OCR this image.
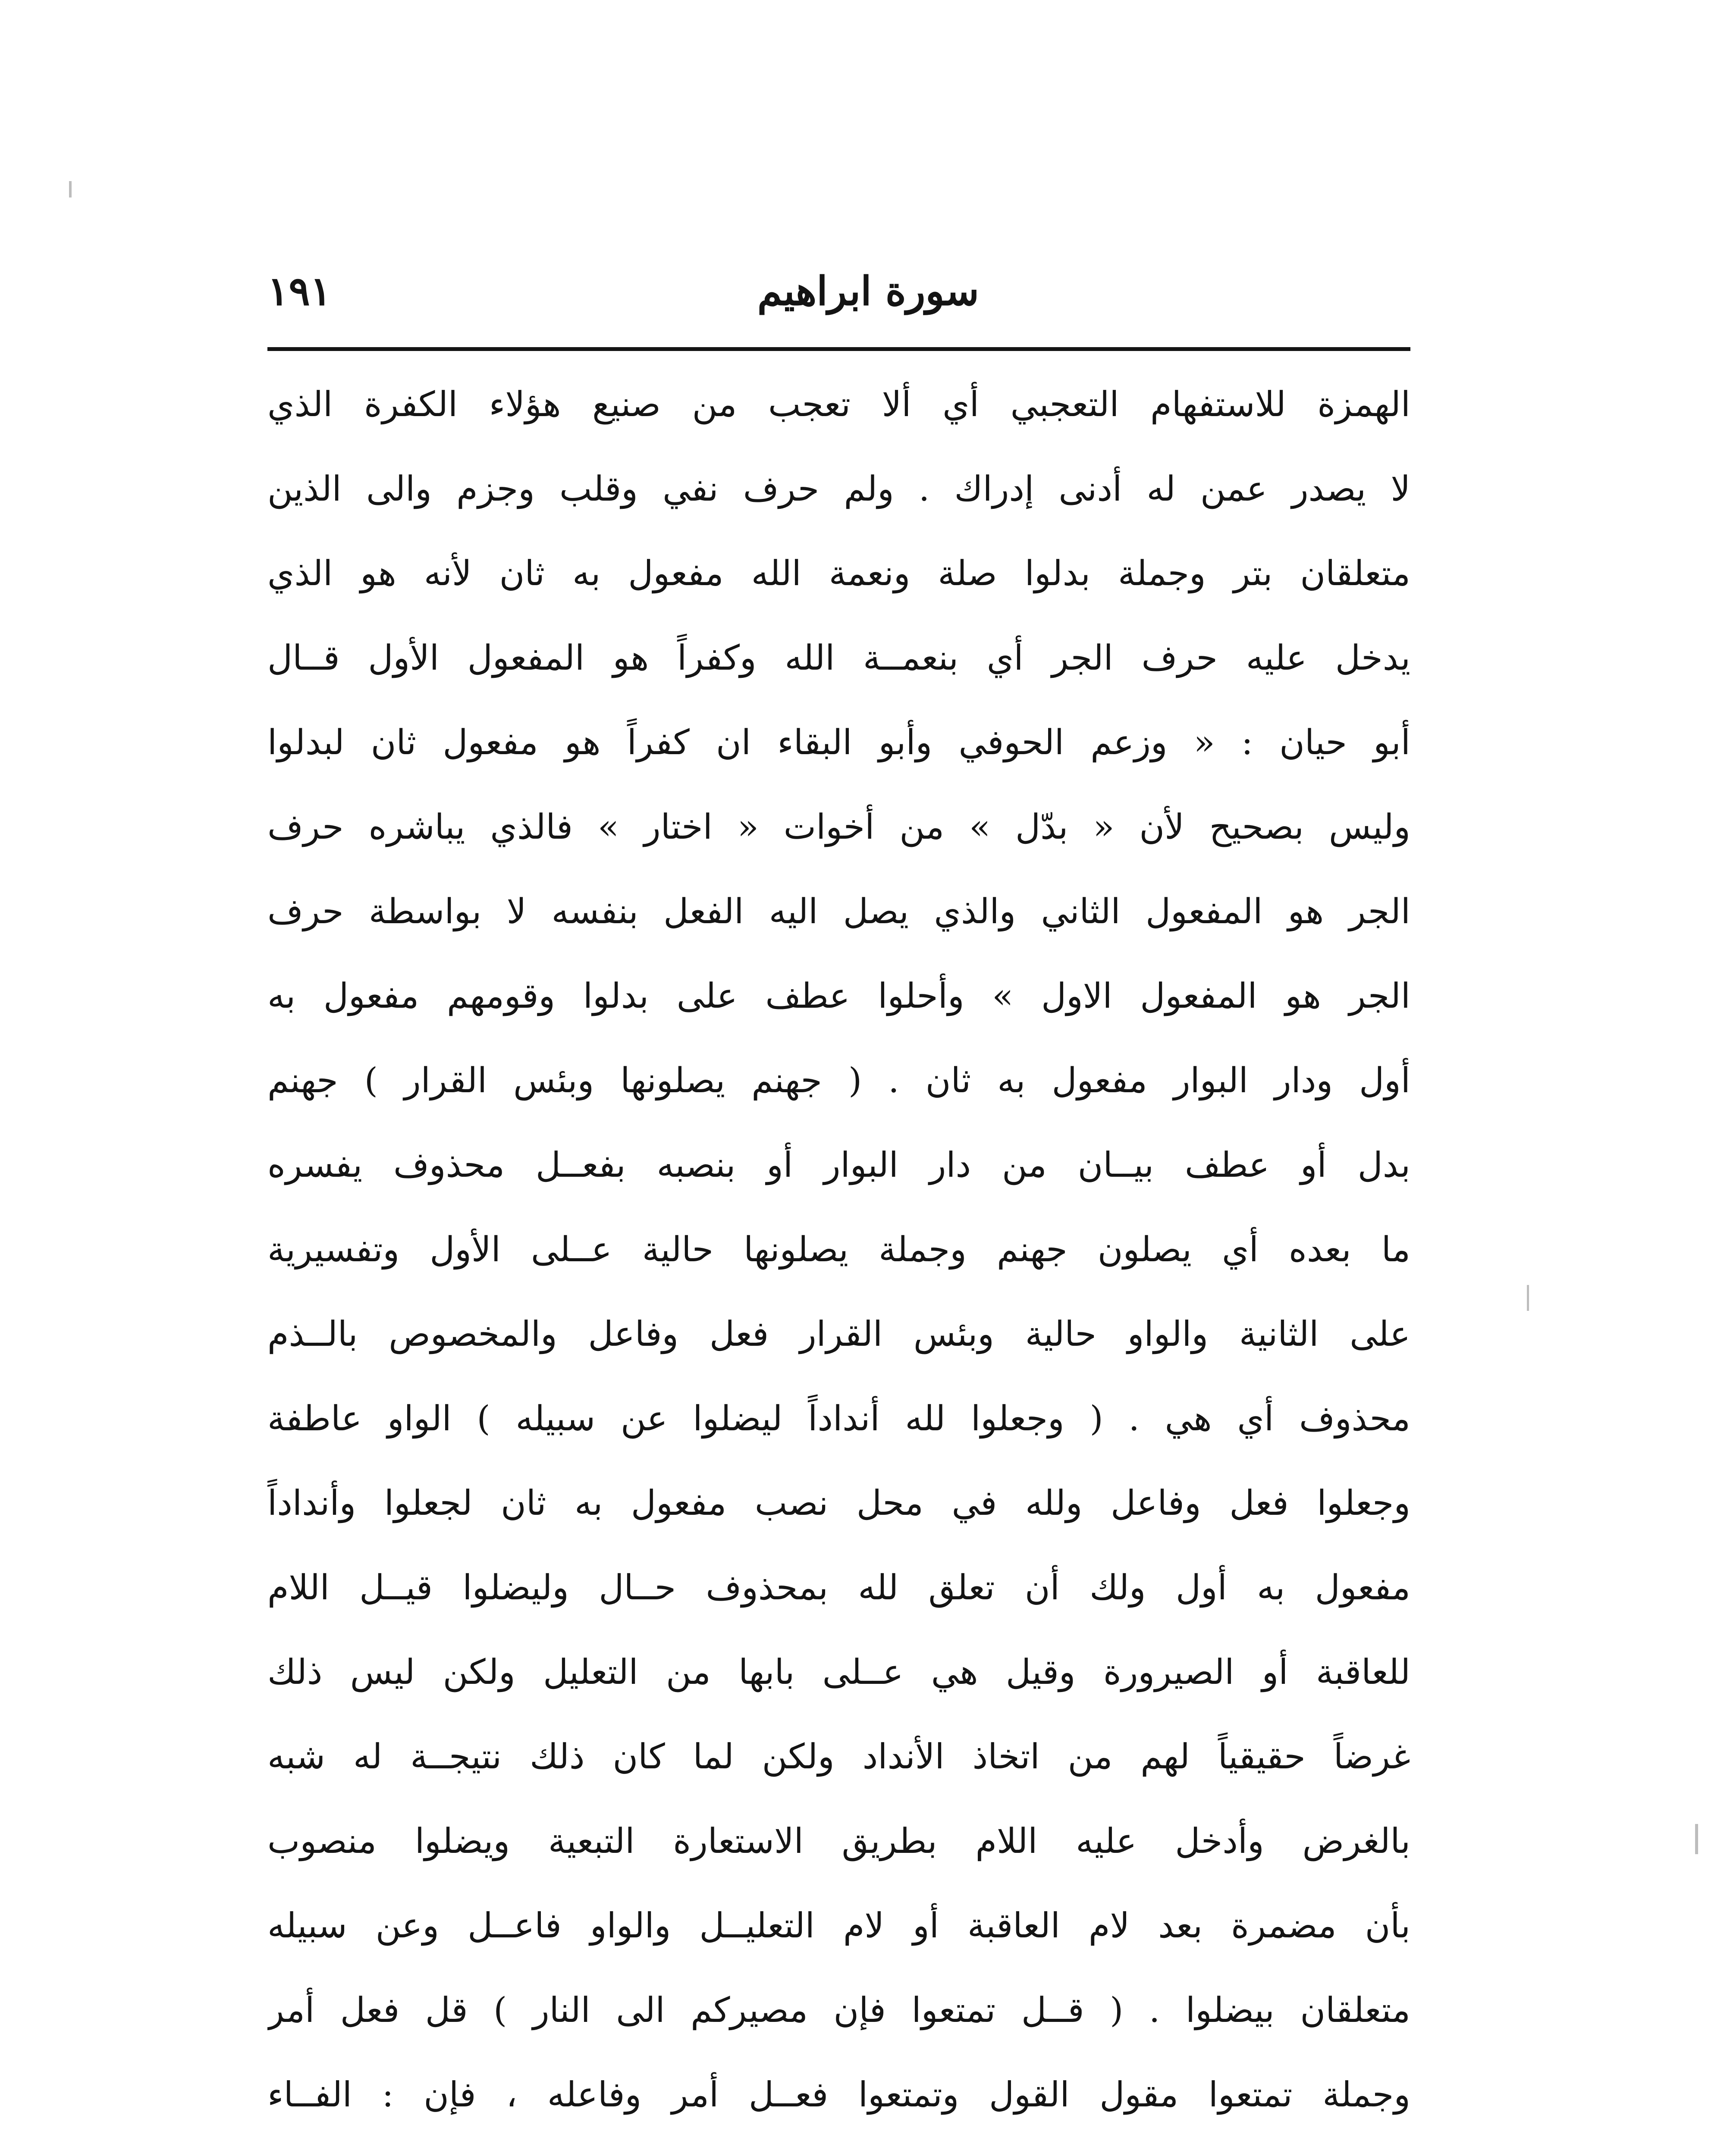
سورة ابراهيم
١٩١
الهمزة للاستفهام التعجبي أي ألا تعجب من صنيع هؤلاء الكفرة الذي
لا يصدر عمن له أدنى إدراك . ولم حرف نفي وقلب وجزم والى الذين
متعلقان بتر وجملة بدلوا صلة ونعمة الله مفعول به ثان لأنه هو الذي
يدخل عليه حرف الجر أي بنعمــة الله وكفراً هو المفعول الأول قــال
أبو حيان : « وزعم الحوفي وأبو البقاء ان كفراً هو مفعول ثان لبدلوا
وليس بصحيح لأن « بدّل » من أخوات « اختار » فالذي يباشره حرف
الجر هو المفعول الثاني والذي يصل اليه الفعل بنفسه لا بواسطة حرف
الجر هو المفعول الاول » وأحلوا عطف على بدلوا وقومهم مفعول به
أول ودار البوار مفعول به ثان . ( جهنم يصلونها وبئس القرار ) جهنم
بدل أو عطف بيــان من دار البوار أو بنصبه بفعــل محذوف يفسره
ما بعده أي يصلون جهنم وجملة يصلونها حالية عــلى الأول وتفسيرية
على الثانية والواو حالية وبئس القرار فعل وفاعل والمخصوص بالــذم
محذوف أي هي . ( وجعلوا لله أنداداً ليضلوا عن سبيله ) الواو عاطفة
وجعلوا فعل وفاعل ولله في محل نصب مفعول به ثان لجعلوا وأنداداً
مفعول به أول ولك أن تعلق لله بمحذوف حــال وليضلوا قيــل اللام
للعاقبة أو الصيرورة وقيل هي عــلى بابها من التعليل ولكن ليس ذلك
غرضاً حقيقياً لهم من اتخاذ الأنداد ولكن لما كان ذلك نتيجــة له شبه
بالغرض وأدخل عليه اللام بطريق الاستعارة التبعية ويضلوا منصوب
بأن مضمرة بعد لام العاقبة أو لام التعليــل والواو فاعــل وعن سبيله
متعلقان بيضلوا . ( قــل تمتعوا فإن مصيركم الى النار ) قل فعل أمر
وجملة تمتعوا مقول القول وتمتعوا فعــل أمر وفاعله ، فإن : الفــاء
